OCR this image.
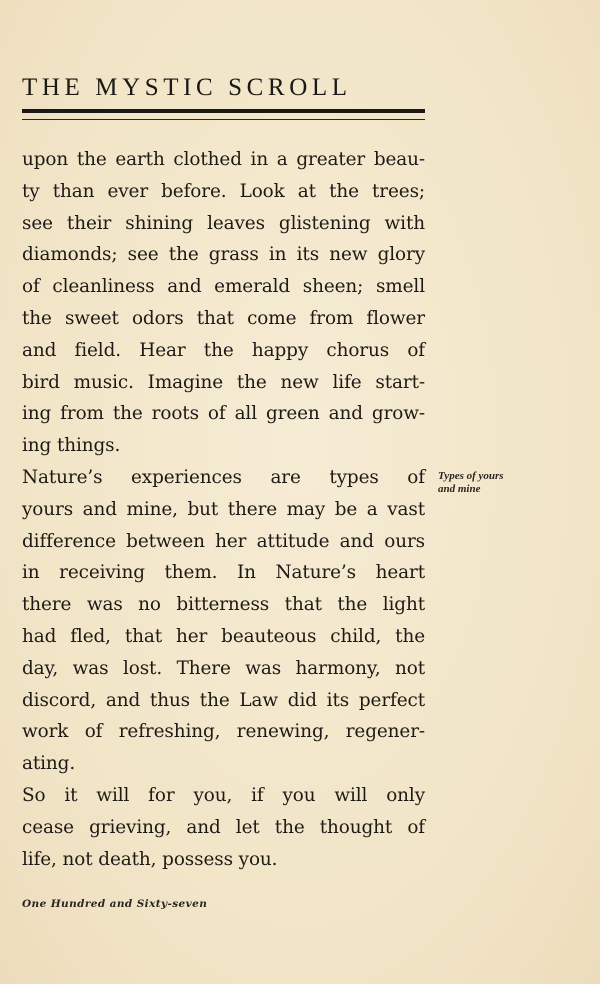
THE MYSTIC SCROLL
upon the earth clothed in a greater beau-
ty than ever before. Look at the trees;
see their shining leaves glistening with
diamonds; see the grass in its new glory
of cleanliness and emerald sheen; smell
the sweet odors that come from flower
and field. Hear the happy chorus of
bird music. Imagine the new life start-
ing from the roots of all green and grow-
ing things.
Nature’s experiences are types of
yours and mine, but there may be a vast
difference between her attitude and ours
in receiving them. In Nature’s heart
there was no bitterness that the light
had fled, that her beauteous child, the
day, was lost. There was harmony, not
discord, and thus the Law did its perfect
work of refreshing, renewing, regener-
ating.
So it will for you, if you will only
cease grieving, and let the thought of
life, not death, possess you.
Types of yours
and mine
One Hundred and Sixty-seven
